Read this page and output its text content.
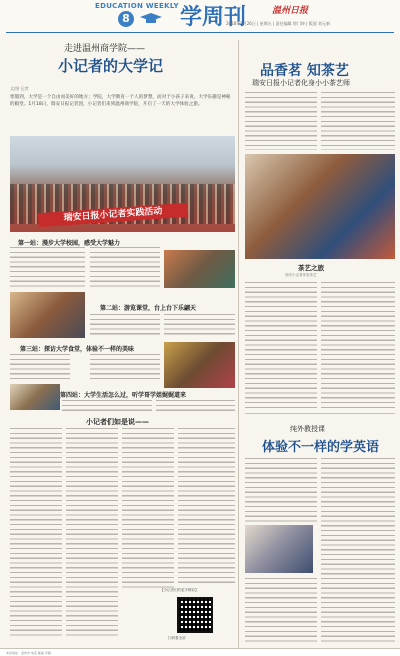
EDUCATION WEEKLY
8 学周刊	温州日报
2018年1月26日 | 星期五 | 责任编辑 徐门坤 | 版面 刘元新
走进温州商学院——
小记者的大学记
文/图 记者
寒假到，大学是一个自由而美好的地方；学院，大学教育一个人的梦想，而对于小孩子来说，大学乐趣是神秘的殿堂。1月18日，瑞安日报记者团，小记者们来到温州商学院，开启了一天的大学体验之旅。
瑞安日报小记者实践活动
第一站：漫步大学校园，感受大学魅力
第二站：游览课堂，台上台下乐翩天
第三站：探访大学食堂，体验不一样的美味
第四站：大学生活怎么过，听学哥学姐娓娓道来
小记者们如是说——
【小记者们的更多精彩】
扫码看全部
品香茗 知茶艺
瑞安日报小记者化身小小茶艺师
茶艺之旅
瑞安小记者体验茶艺
纯外教授课
体验不一样的学英语
本报地址：温州市 电话 邮编 印刷
